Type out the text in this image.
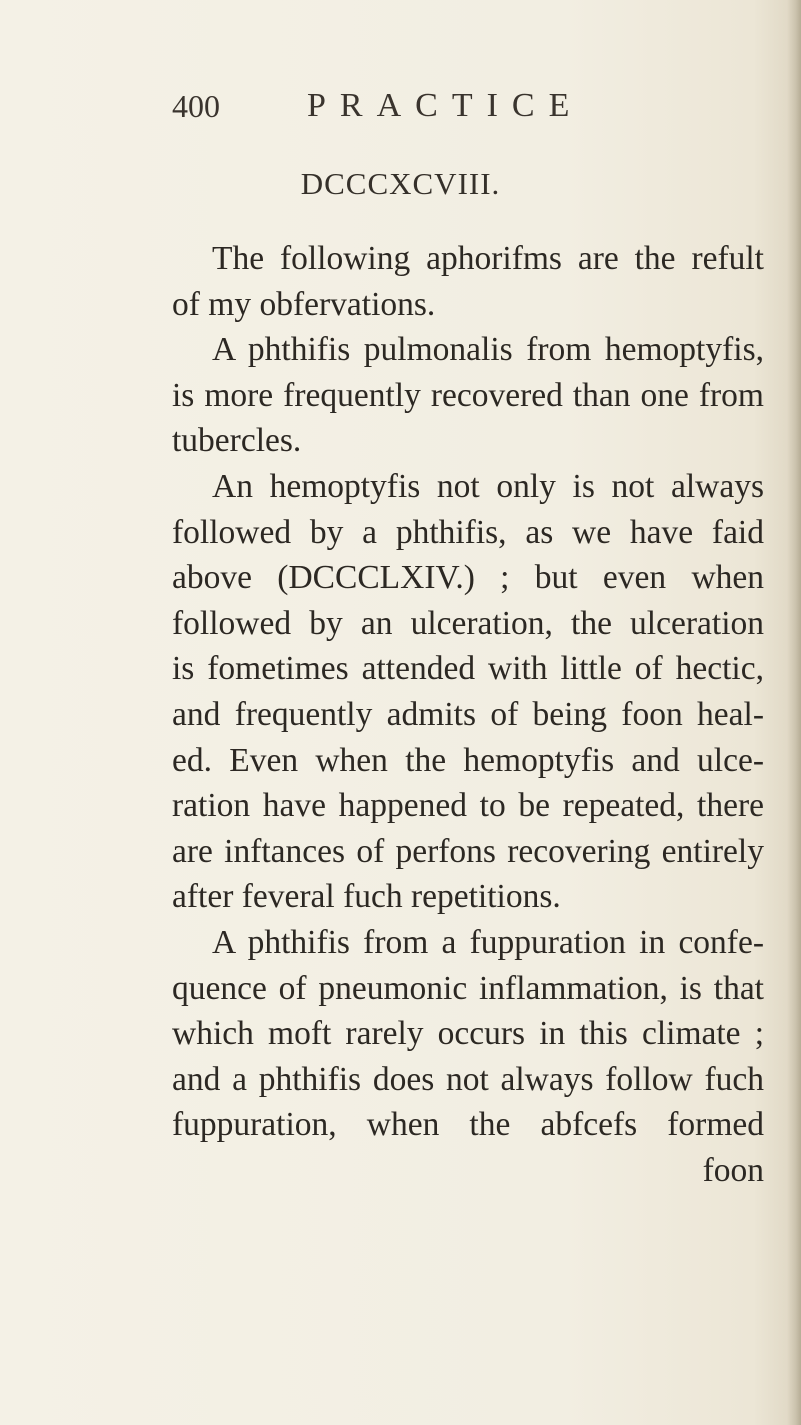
400	PRACTICE
DCCCXCVIII.
The following aphorifms are the refult
of my obfervations.
A phthifis pulmonalis from hemoptyfis,
is more frequently recovered than one from
tubercles.
An hemoptyfis not only is not always
followed by a phthifis, as we have faid
above (DCCCLXIV.) ; but even when
followed by an ulceration, the ulceration
is fometimes attended with little of hectic,
and frequently admits of being foon heal-
ed. Even when the hemoptyfis and ulce-
ration have happened to be repeated, there
are inftances of perfons recovering entirely
after feveral fuch repetitions.
A phthifis from a fuppuration in confe-
quence of pneumonic inflammation, is that
which moft rarely occurs in this climate ;
and a phthifis does not always follow fuch
fuppuration, when the abfcefs formed
foon
